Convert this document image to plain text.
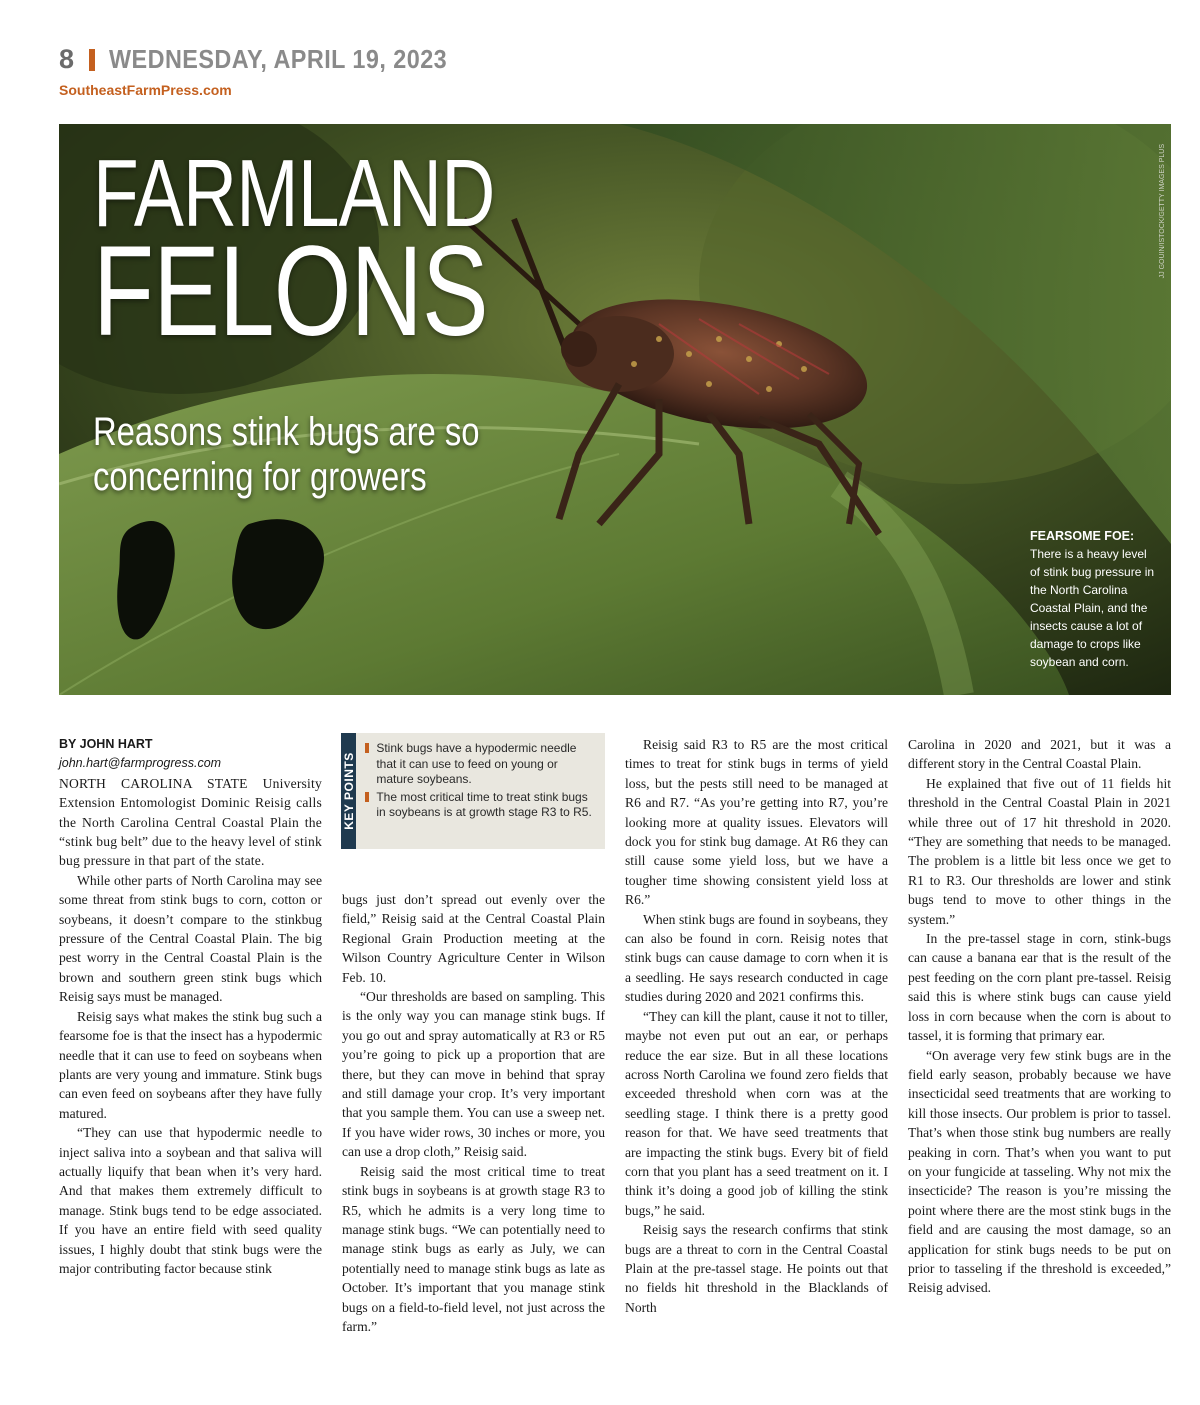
8 WEDNESDAY, APRIL 19, 2023
SoutheastFarmPress.com
FARMLAND
FELONS
Reasons stink bugs are so concerning for growers
JJ GOUIN/ISTOCK/GETTY IMAGES PLUS
FEARSOME FOE:
There is a heavy level of stink bug pressure in the North Carolina Coastal Plain, and the insects cause a lot of damage to crops like soybean and corn.

BY JOHN HART

john.hart@farmprogress.com

NORTH CAROLINA STATE University Extension Entomologist Dominic Reisig calls the North Carolina Central Coastal Plain the “stink bug belt” due to the heavy level of stink bug pressure in that part of the state.

While other parts of North Carolina may see some threat from stink bugs to corn, cotton or soybeans, it doesn’t compare to the stinkbug pressure of the Central Coastal Plain. The big pest worry in the Central Coastal Plain is the brown and southern green stink bugs which Reisig says must be managed.

Reisig says what makes the stink bug such a fearsome foe is that the insect has a hypodermic needle that it can use to feed on soybeans when plants are very young and immature. Stink bugs can even feed on soybeans after they have fully matured.

“They can use that hypodermic needle to inject saliva into a soybean and that saliva will actually liquify that bean when it’s very hard. And that makes them extremely difficult to manage. Stink bugs tend to be edge associated. If you have an entire field with seed quality issues, I highly doubt that stink bugs were the major contributing factor because stink

KEY POINTS
Stink bugs have a hypodermic needle that it can use to feed on young or mature soybeans.
The most critical time to treat stink bugs in soybeans is at growth stage R3 to R5.

bugs just don’t spread out evenly over the field,” Reisig said at the Central Coastal Plain Regional Grain Production meeting at the Wilson Country Agriculture Center in Wilson Feb. 10.

“Our thresholds are based on sampling. This is the only way you can manage stink bugs. If you go out and spray automatically at R3 or R5 you’re going to pick up a proportion that are there, but they can move in behind that spray and still damage your crop. It’s very important that you sample them. You can use a sweep net. If you have wider rows, 30 inches or more, you can use a drop cloth,” Reisig said.

Reisig said the most critical time to treat stink bugs in soybeans is at growth stage R3 to R5, which he admits is a very long time to manage stink bugs. “We can potentially need to manage stink bugs as early as July, we can potentially need to manage stink bugs as late as October. It’s important that you manage stink bugs on a field-to-field level, not just across the farm.”

Reisig said R3 to R5 are the most critical times to treat for stink bugs in terms of yield loss, but the pests still need to be managed at R6 and R7. “As you’re getting into R7, you’re looking more at quality issues. Elevators will dock you for stink bug damage. At R6 they can still cause some yield loss, but we have a tougher time showing consistent yield loss at R6.”

When stink bugs are found in soybeans, they can also be found in corn. Reisig notes that stink bugs can cause damage to corn when it is a seedling. He says research conducted in cage studies during 2020 and 2021 confirms this.

“They can kill the plant, cause it not to tiller, maybe not even put out an ear, or perhaps reduce the ear size. But in all these locations across North Carolina we found zero fields that exceeded threshold when corn was at the seedling stage. I think there is a pretty good reason for that. We have seed treatments that are impacting the stink bugs. Every bit of field corn that you plant has a seed treatment on it. I think it’s doing a good job of killing the stink bugs,” he said.

Reisig says the research confirms that stink bugs are a threat to corn in the Central Coastal Plain at the pre-tassel stage. He points out that no fields hit threshold in the Blacklands of North

Carolina in 2020 and 2021, but it was a different story in the Central Coastal Plain.

He explained that five out of 11 fields hit threshold in the Central Coastal Plain in 2021 while three out of 17 hit threshold in 2020. “They are something that needs to be managed. The problem is a little bit less once we get to R1 to R3. Our thresholds are lower and stink bugs tend to move to other things in the system.”

In the pre-tassel stage in corn, stink-bugs can cause a banana ear that is the result of the pest feeding on the corn plant pre-tassel. Reisig said this is where stink bugs can cause yield loss in corn because when the corn is about to tassel, it is forming that primary ear.

“On average very few stink bugs are in the field early season, probably because we have insecticidal seed treatments that are working to kill those insects. Our problem is prior to tassel. That’s when those stink bug numbers are really peaking in corn. That’s when you want to put on your fungicide at tasseling. Why not mix the insecticide? The reason is you’re missing the point where there are the most stink bugs in the field and are causing the most damage, so an application for stink bugs needs to be put on prior to tasseling if the threshold is exceeded,” Reisig advised.
